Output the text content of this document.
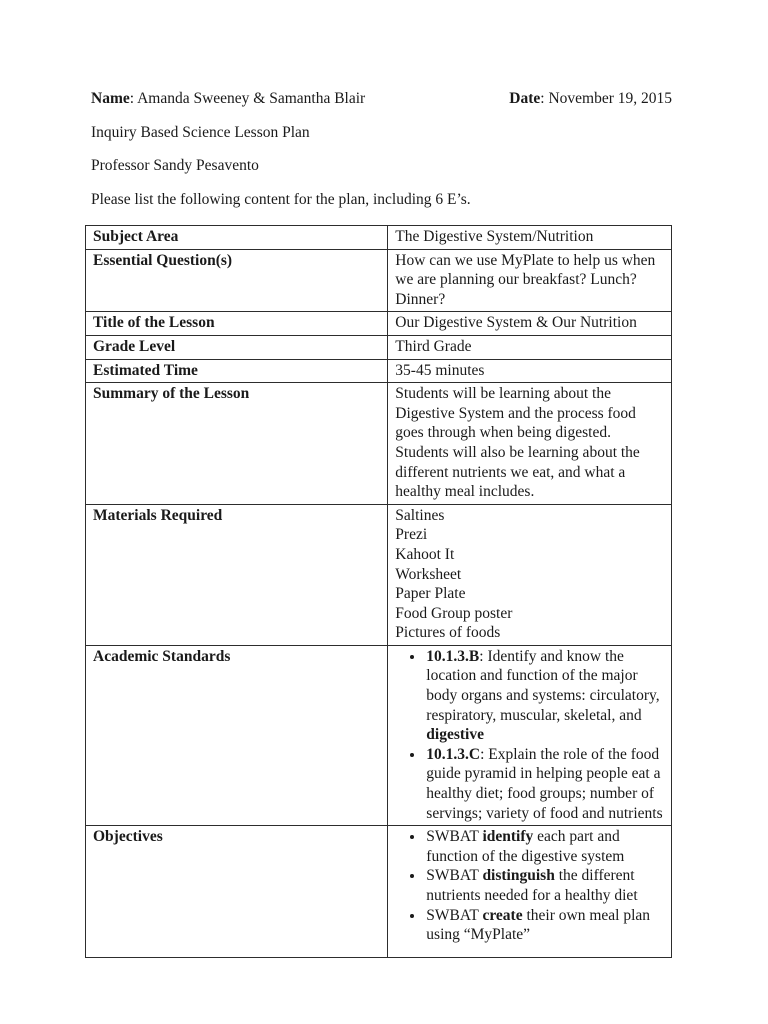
Name: Amanda Sweeney & Samantha Blair	Date: November 19, 2015

Inquiry Based Science Lesson Plan

Professor Sandy Pesavento

Please list the following content for the plan, including 6 E’s.

Subject Area	The Digestive System/Nutrition

Essential Question(s)	How can we use MyPlate to help us when we are planning our breakfast? Lunch? Dinner?

Title of the Lesson	Our Digestive System & Our Nutrition

Grade Level	Third Grade

Estimated Time	35-45 minutes

Summary of the Lesson	Students will be learning about the Digestive System and the process food goes through when being digested. Students will also be learning about the different nutrients we eat, and what a healthy meal includes.

Materials Required	Saltines
Prezi
Kahoot It
Worksheet
Paper Plate
Food Group poster
Pictures of foods

Academic Standards	
•10.1.3.B: Identify and know the location and function of the major body organs and systems: circulatory, respiratory, muscular, skeletal, and digestive
• 10.1.3.C: Explain the role of the food guide pyramid in helping people eat a healthy diet; food groups; number of servings; variety of food and nutrients

Objectives	
•SWBAT identify each part and function of the digestive system
• SWBAT distinguish the different nutrients needed for a healthy diet
• SWBAT create their own meal plan using “MyPlate”
